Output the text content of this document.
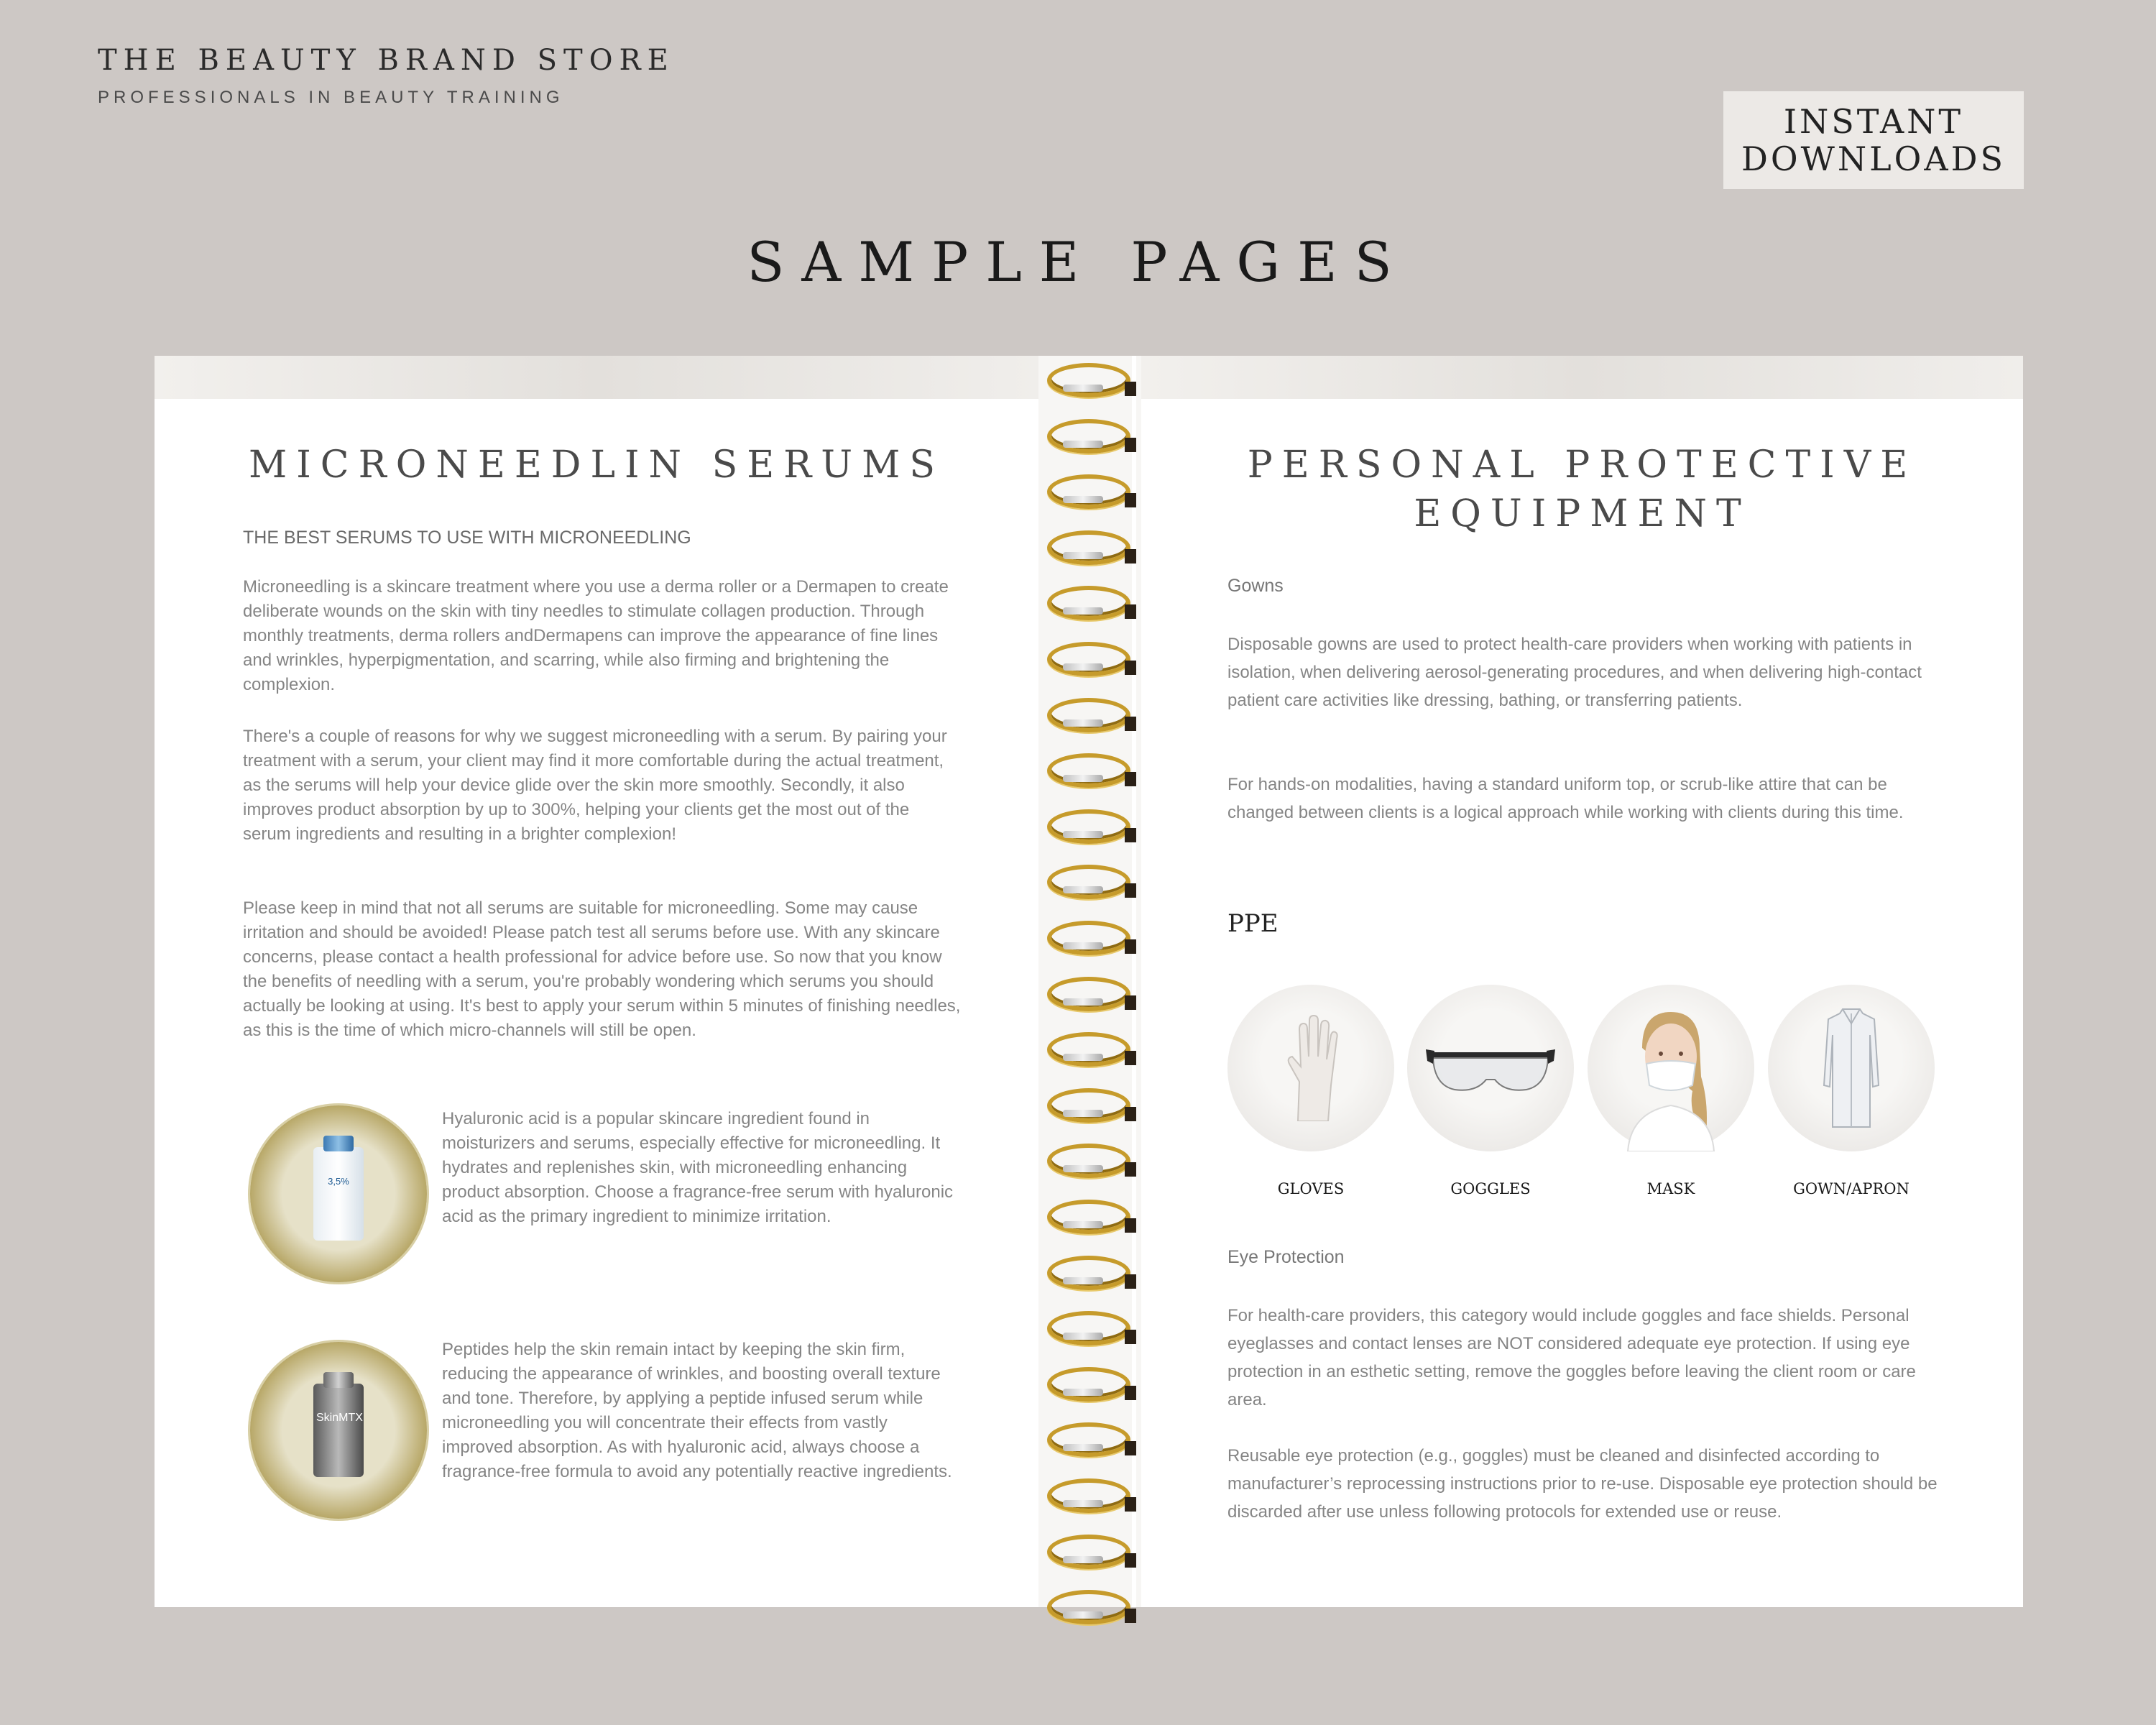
THE BEAUTY BRAND STORE
PROFESSIONALS IN BEAUTY TRAINING
INSTANT
DOWNLOADS
SAMPLE PAGES
MICRONEEDLIN SERUMS
THE BEST SERUMS TO USE WITH MICRONEEDLING
Microneedling is a skincare treatment where you use a derma roller or a Dermapen to create deliberate wounds on the skin with tiny needles to stimulate collagen production. Through monthly treatments, derma rollers andDermapens can improve the appearance of fine lines and wrinkles, hyperpigmentation, and scarring, while also firming and brightening the complexion.
There's a couple of reasons for why we suggest microneedling with a serum. By pairing your treatment with a serum, your client may find it more comfortable during the actual treatment, as the serums will help your device glide over the skin more smoothly. Secondly, it also improves product absorption by up to 300%, helping your clients get the most out of the serum ingredients and resulting in a brighter complexion!
Please keep in mind that not all serums are suitable for microneedling. Some may cause irritation and should be avoided! Please patch test all serums before use. With any skincare concerns, please contact a health professional for advice before use. So now that you know the benefits of needling with a serum, you're probably wondering which serums you should actually be looking at using. It's best to apply your serum within 5 minutes of finishing needles, as this is the time of which micro-channels will still be open.
3,5%
Hyaluronic acid is a popular skincare ingredient found in moisturizers and serums, especially effective for microneedling. It hydrates and replenishes skin, with microneedling enhancing product absorption. Choose a fragrance-free serum with hyaluronic acid as the primary ingredient to minimize irritation.
SkinMTX
Peptides help the skin remain intact by keeping the skin firm, reducing the appearance of wrinkles, and boosting overall texture and tone. Therefore, by applying a peptide infused serum while microneedling you will concentrate their effects from vastly improved absorption. As with hyaluronic acid, always choose a fragrance-free formula to avoid any potentially reactive ingredients.
PERSONAL PROTECTIVE
EQUIPMENT
Gowns
Disposable gowns are used to protect health-care providers when working with patients in isolation, when delivering aerosol-generating procedures, and when delivering high-contact patient care activities like dressing, bathing, or transferring patients.
For hands-on modalities, having a standard uniform top, or scrub-like attire that can be changed between clients is a logical approach while working with clients during this time.
PPE
GLOVES	GOGGLES	MASK	GOWN/APRON
Eye Protection
For health-care providers, this category would include goggles and face shields. Personal eyeglasses and contact lenses are NOT considered adequate eye protection. If using eye protection in an esthetic setting, remove the goggles before leaving the client room or care area.
Reusable eye protection (e.g., goggles) must be cleaned and disinfected according to manufacturer’s reprocessing instructions prior to re-use. Disposable eye protection should be discarded after use unless following protocols for extended use or reuse.
